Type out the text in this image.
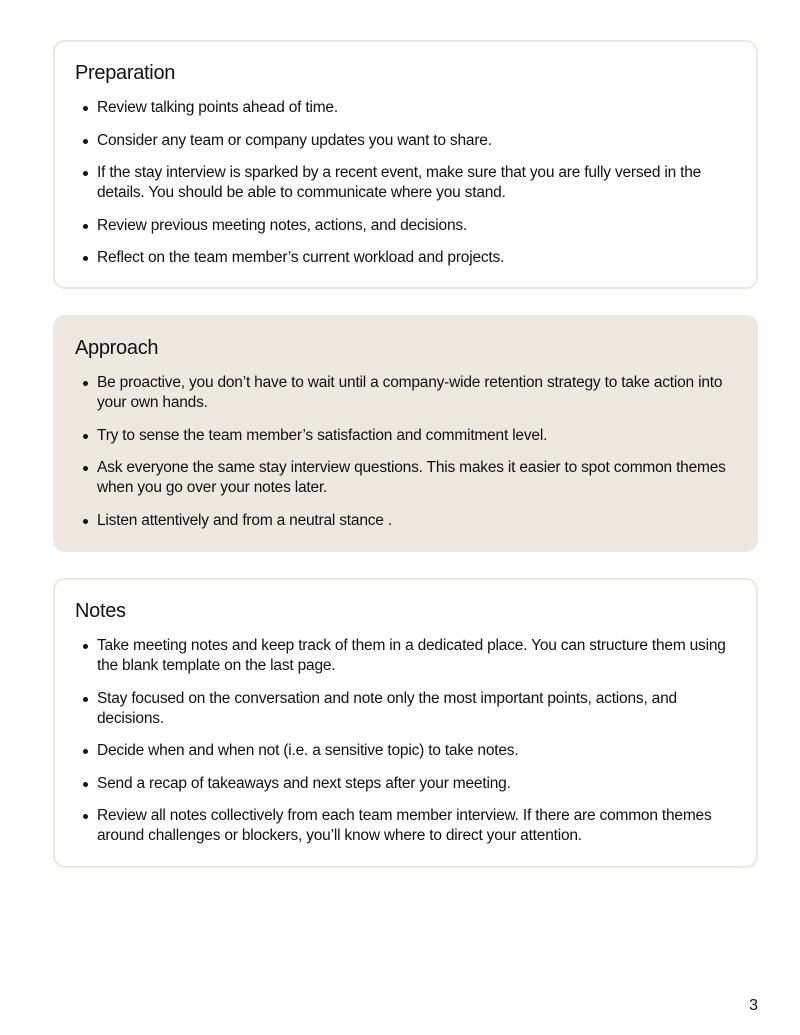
Preparation
Review talking points ahead of time.
Consider any team or company updates you want to share.
If the stay interview is sparked by a recent event, make sure that you are fully versed in the details. You should be able to communicate where you stand.
Review previous meeting notes, actions, and decisions.
Reflect on the team member’s current workload and projects.
Approach
Be proactive, you don’t have to wait until a company-wide retention strategy to take action into your own hands.
Try to sense the team member’s satisfaction and commitment level.
Ask everyone the same stay interview questions. This makes it easier to spot common themes when you go over your notes later.
Listen attentively and from a neutral stance .
Notes
Take meeting notes and keep track of them in a dedicated place. You can structure them using the blank template on the last page.
Stay focused on the conversation and note only the most important points, actions, and decisions.
Decide when and when not (i.e. a sensitive topic) to take notes.
Send a recap of takeaways and next steps after your meeting.
Review all notes collectively from each team member interview. If there are common themes around challenges or blockers, you’ll know where to direct your attention.
3
